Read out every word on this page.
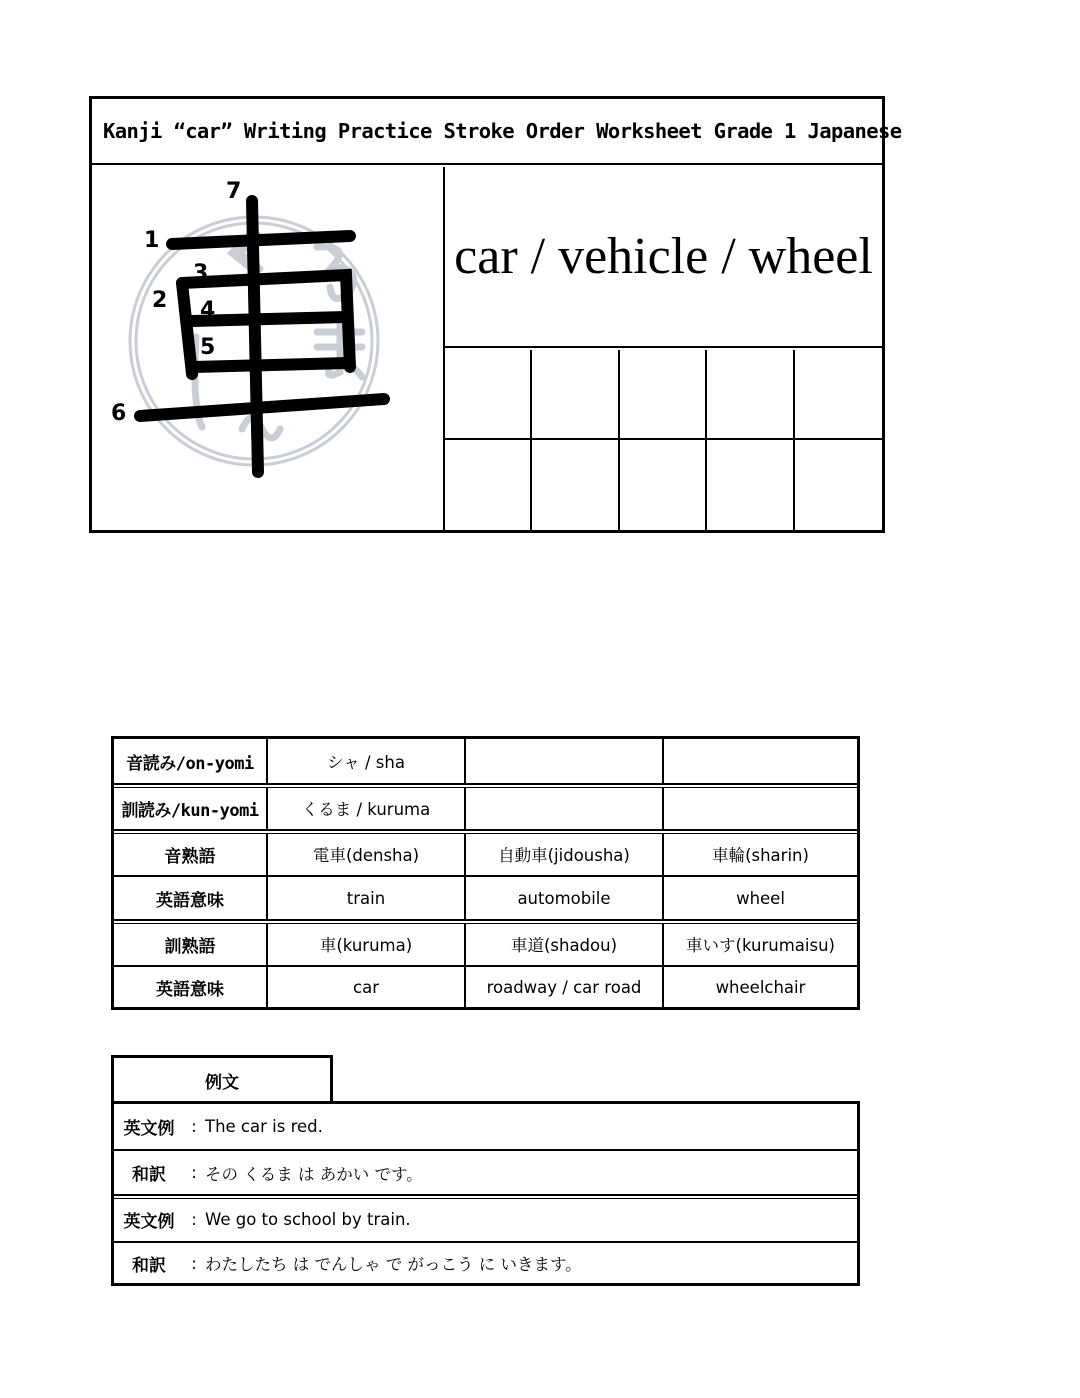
Kanji “car” Writing Practice Stroke Order Worksheet Grade 1 Japanese
1
2
3
4
5
6
7
car / vehicle / wheel
音読み/on-yomi	シャ / sha
訓読み/kun-yomi	くるま / kuruma
音熟語	電車(densha)	自動車(jidousha)	車輪(sharin)
英語意味	train	automobile	wheel
訓熟語	車(kuruma)	車道(shadou)	車いす(kurumaisu)
英語意味	car	roadway / car road	wheelchair
例文
英文例	: The car is red.
和訳	: その くるま は あかい です。
英文例	: We go to school by train.
和訳	: わたしたち は でんしゃ で がっこう に いきます。
